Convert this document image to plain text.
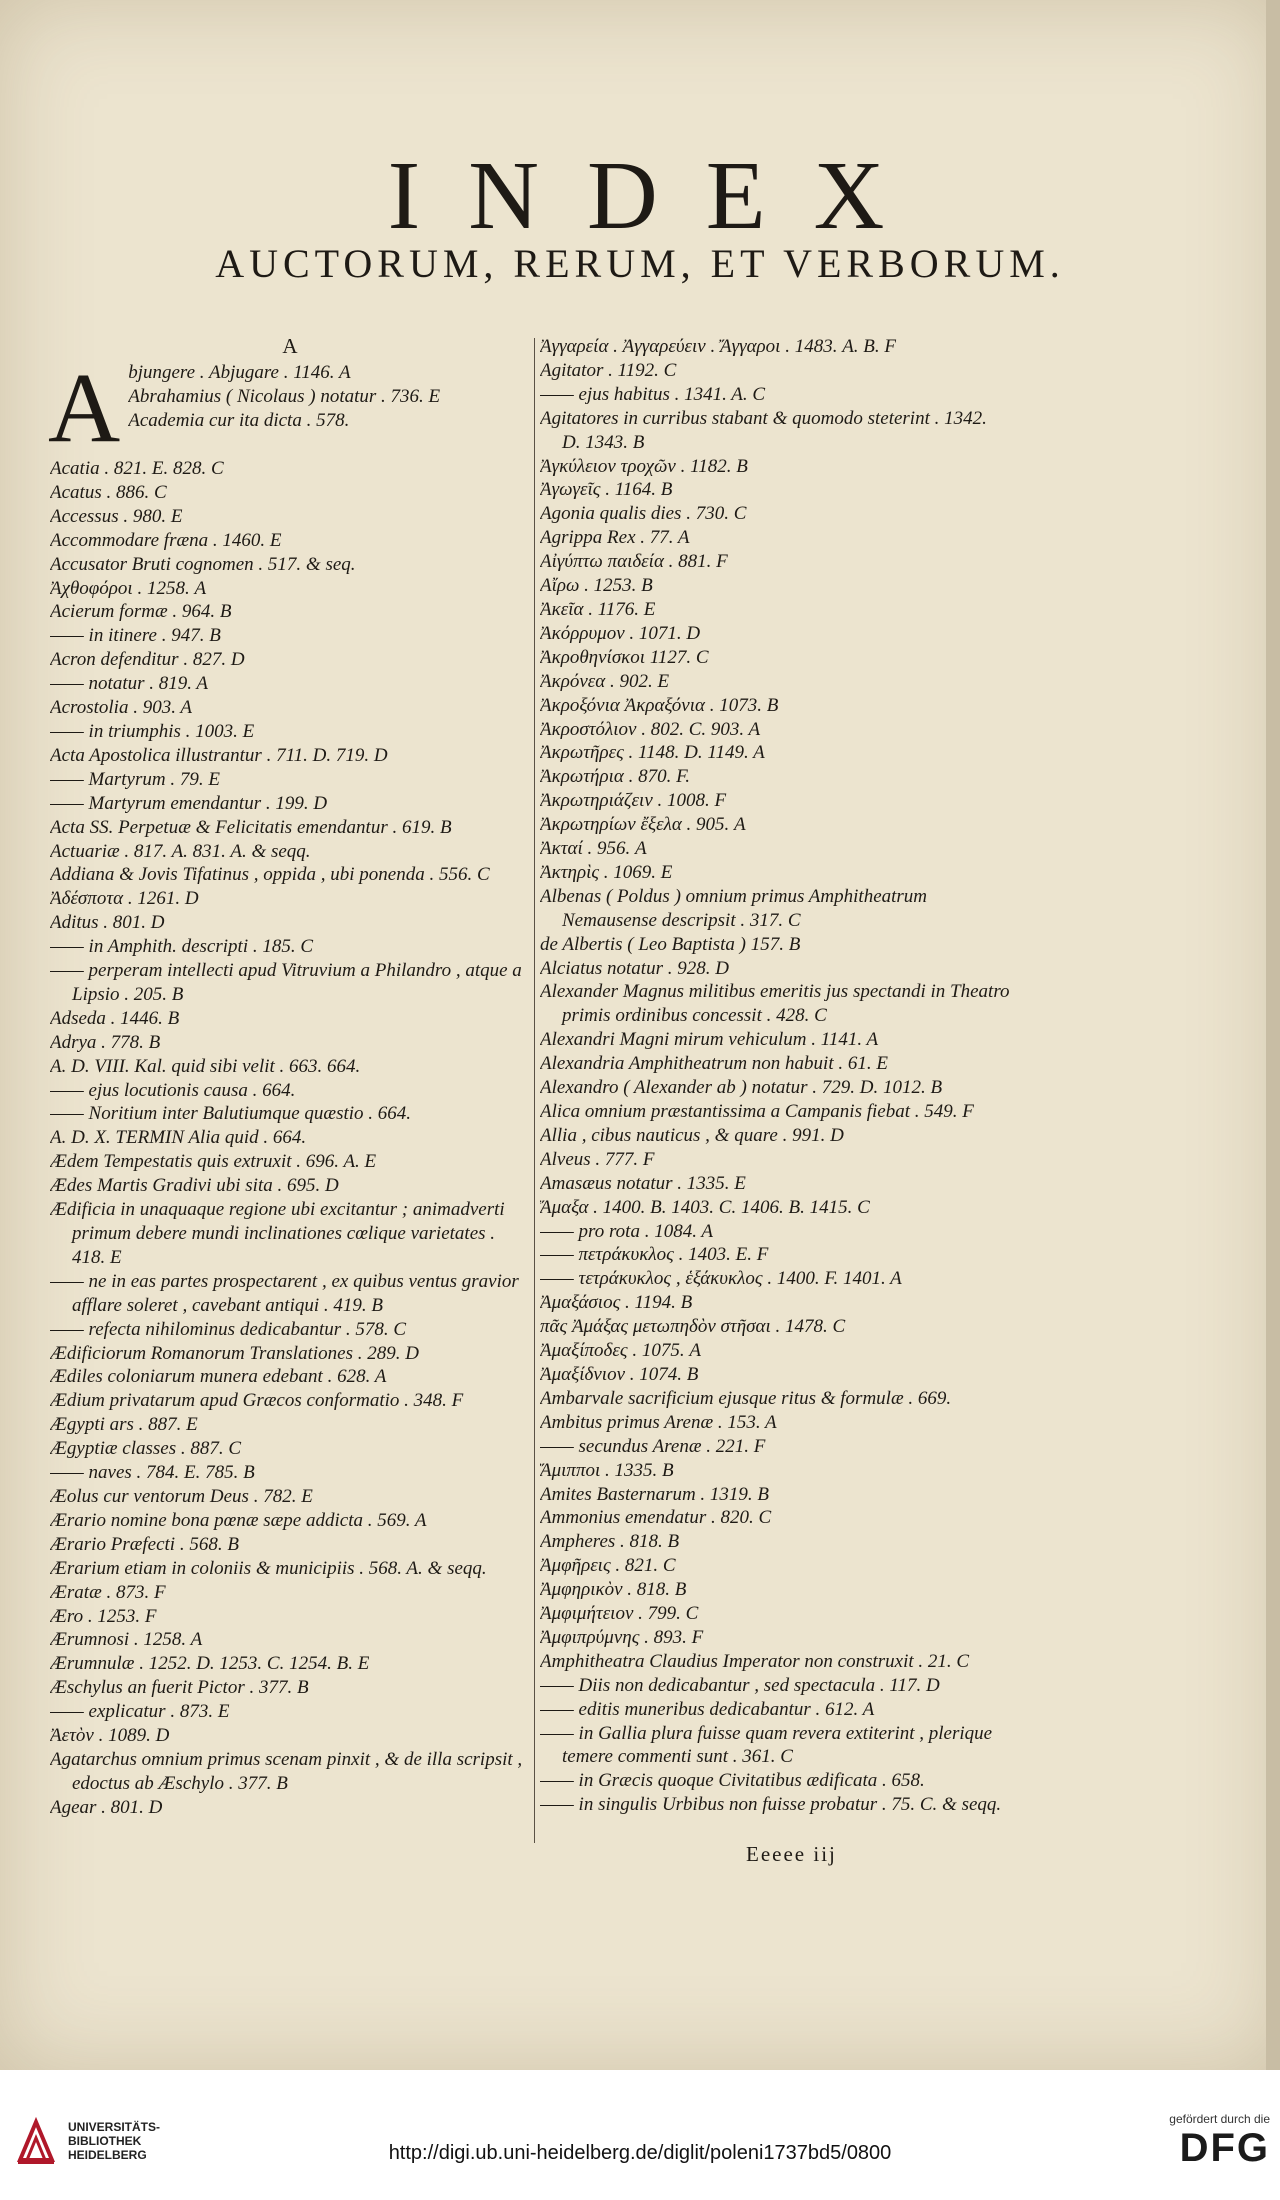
INDEX
AUCTORUM, RERUM, ET VERBORUM.
A
A bjungere . Abjugare . 1146. A
Abrahamius ( Nicolaus ) notatur . 736. E
Academia cur ita dicta . 578.
Acatia . 821. E. 828. C
Acatus . 886. C
Accessus . 980. E
Accommodare fræna . 1460. E
Accusator Bruti cognomen . 517. & seq.
Ἀχθοφόροι . 1258. A
Acierum formæ . 964. B
—— in itinere . 947. B
Acron defenditur . 827. D
—— notatur . 819. A
Acrostolia . 903. A
—— in triumphis . 1003. E
Acta Apostolica illustrantur . 711. D. 719. D
—— Martyrum . 79. E
—— Martyrum emendantur . 199. D
Acta SS. Perpetuæ & Felicitatis emendantur . 619. B
Actuariæ . 817. A. 831. A. & seqq.
Addiana & Jovis Tifatinus , oppida , ubi ponenda . 556. C
Ἀδέσποτα . 1261. D
Aditus . 801. D
—— in Amphith. descripti . 185. C
—— perperam intellecti apud Vitruvium a Philandro , atque a Lipsio . 205. B
Adseda . 1446. B
Adrya . 778. B
A. D. VIII. Kal. quid sibi velit . 663. 664.
—— ejus locutionis causa . 664.
—— Noritium inter Balutiumque quæstio . 664.
A. D. X. TERMIN Alia quid . 664.
Ædem Tempestatis quis extruxit . 696. A. E
Ædes Martis Gradivi ubi sita . 695. D
Ædificia in unaquaque regione ubi excitantur ; animadverti primum debere mundi inclinationes cœlique varietates . 418. E
—— ne in eas partes prospectarent , ex quibus ventus gravior afflare soleret , cavebant antiqui . 419. B
—— refecta nihilominus dedicabantur . 578. C
Ædificiorum Romanorum Translationes . 289. D
Ædiles coloniarum munera edebant . 628. A
Ædium privatarum apud Græcos conformatio . 348. F
Ægypti ars . 887. E
Ægyptiæ classes . 887. C
—— naves . 784. E. 785. B
Æolus cur ventorum Deus . 782. E
Ærario nomine bona pœnæ sæpe addicta . 569. A
Ærario Præfecti . 568. B
Ærarium etiam in coloniis & municipiis . 568. A. & seqq.
Æratæ . 873. F
Æro . 1253. F
Ærumnosi . 1258. A
Ærumnulæ . 1252. D. 1253. C. 1254. B. E
Æschylus an fuerit Pictor . 377. B
—— explicatur . 873. E
Ἀετὸν . 1089. D
Agatarchus omnium primus scenam pinxit , & de illa scripsit , edoctus ab Æschylo . 377. B
Agear . 801. D
Ἀγγαρεία . Ἀγγαρεύειν . Ἄγγαροι . 1483. A. B. F
Agitator . 1192. C
—— ejus habitus . 1341. A. C
Agitatores in curribus stabant & quomodo steterint . 1342. D. 1343. B
Ἀγκύλειον τροχῶν . 1182. B
Ἀγωγεῖς . 1164. B
Agonia qualis dies . 730. C
Agrippa Rex . 77. A
Αἰγύπτω παιδεία . 881. F
Αἴρω . 1253. B
Ἀκεῖα . 1176. E
Ἀκόρρυμον . 1071. D
Ἀκροθηνίσκοι 1127. C
Ἀκρόνεα . 902. E
Ἀκροξόνια Ἀκραξόνια . 1073. B
Ἀκροστόλιον . 802. C. 903. A
Ἀκρωτῆρες . 1148. D. 1149. A
Ἀκρωτήρια . 870. F.
Ἀκρωτηριάζειν . 1008. F
Ἀκρωτηρίων ἔξελα . 905. A
Ἀκταί . 956. A
Ἀκτηρὶς . 1069. E
Albenas ( Poldus ) omnium primus Amphitheatrum Nemausense descripsit . 317. C
de Albertis ( Leo Baptista ) 157. B
Alciatus notatur . 928. D
Alexander Magnus militibus emeritis jus spectandi in Theatro primis ordinibus concessit . 428. C
Alexandri Magni mirum vehiculum . 1141. A
Alexandria Amphitheatrum non habuit . 61. E
Alexandro ( Alexander ab ) notatur . 729. D. 1012. B
Alica omnium præstantissima a Campanis fiebat . 549. F
Allia , cibus nauticus , & quare . 991. D
Alveus . 777. F
Amasæus notatur . 1335. E
Ἅμαξα . 1400. B. 1403. C. 1406. B. 1415. C
—— pro rota . 1084. A
—— πετράκυκλος . 1403. E. F
—— τετράκυκλος , ἑξάκυκλος . 1400. F. 1401. A
Ἀμαξάσιος . 1194. B
πᾶς Ἀμάξας μετωπηδὸν στῆσαι . 1478. C
Ἀμαξίποδες . 1075. A
Ἀμαξίδνιον . 1074. B
Ambarvale sacrificium ejusque ritus & formulæ . 669.
Ambitus primus Arenæ . 153. A
—— secundus Arenæ . 221. F
Ἄμιπποι . 1335. B
Amites Basternarum . 1319. B
Ammonius emendatur . 820. C
Ampheres . 818. B
Ἀμφῆρεις . 821. C
Ἀμφηρικὸν . 818. B
Ἀμφιμήτειον . 799. C
Ἀμφιπρύμνης . 893. F
Amphitheatra Claudius Imperator non construxit . 21. C
—— Diis non dedicabantur , sed spectacula . 117. D
—— editis muneribus dedicabantur . 612. A
—— in Gallia plura fuisse quam revera extiterint , plerique temere commenti sunt . 361. C
—— in Græcis quoque Civitatibus ædificata . 658.
—— in singulis Urbibus non fuisse probatur . 75. C. & seqq.
Eeeee iij
UNIVERSITÄTS-
BIBLIOTHEK
HEIDELBERG	http://digi.ub.uni-heidelberg.de/diglit/poleni1737bd5/0800
gefördert durch die
DFG
